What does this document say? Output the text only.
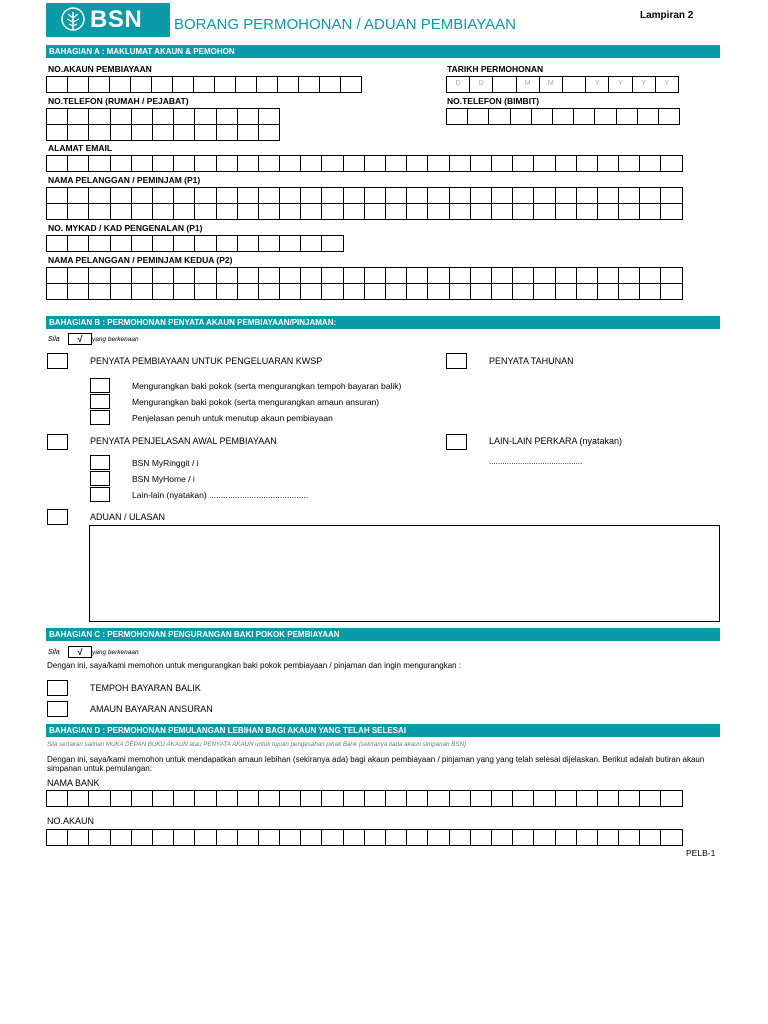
BSN BORANG PERMOHONAN / ADUAN PEMBIAYAAN
Lampiran 2
BAHAGIAN A : MAKLUMAT AKAUN & PEMOHON
NO.AKAUN PEMBIAYAAN	TARIKH PERMOHONAN
D	D	M	M	Y	Y	Y	Y
NO.TELEFON (RUMAH / PEJABAT)	NO.TELEFON (BIMBIT)
ALAMAT EMAIL
NAMA PELANGGAN / PEMINJAM (P1)
NO. MYKAD / KAD PENGENALAN (P1)
NAMA PELANGGAN / PEMINJAM KEDUA (P2)
BAHAGIAN B : PERMOHONAN PENYATA AKAUN PEMBIAYAAN/PINJAMAN:
Sila	√	yang berkenaan
PENYATA PEMBIAYAAN UNTUK PENGELUARAN KWSP	PENYATA TAHUNAN
Mengurangkan baki pokok (serta mengurangkan tempoh bayaran balik)
Mengurangkan baki pokok (serta mengurangkan amaun ansuran)
Penjelasan penuh untuk menutup akaun pembiayaan
PENYATA PENJELASAN AWAL PEMBIAYAAN	LAIN-LAIN PERKARA (nyatakan)
..........................................
BSN MyRinggit / i
BSN MyHome / i
Lain-lain (nyatakan) ..........................................
ADUAN / ULASAN
BAHAGIAN C : PERMOHONAN PENGURANGAN BAKI POKOK PEMBIAYAAN
Sila	√	yang berkenaan
Dengan ini, saya/kami memohon untuk mengurangkan baki pokok pembiayaan / pinjaman dan ingin mengurangkan :
TEMPOH BAYARAN BALIK
AMAUN BAYARAN ANSURAN
BAHAGIAN D : PERMOHONAN PEMULANGAN LEBIHAN BAGI AKAUN YANG TELAH SELESAI
Sila sertakan salinan MUKA DEPAN BUKU AKAUN atau PENYATA AKAUN untuk tujuan pengesahan pihak Bank (sekiranya tiada akaun simpanan BSN)
Dengan ini, saya/kami memohon untuk mendapatkan amaun lebihan (sekiranya ada) bagi akaun pembiayaan / pinjaman yang yang telah selesai dijelaskan. Berikut adalah butiran akaun simpanan untuk pemulangan:
NAMA BANK
NO.AKAUN
PELB-1
